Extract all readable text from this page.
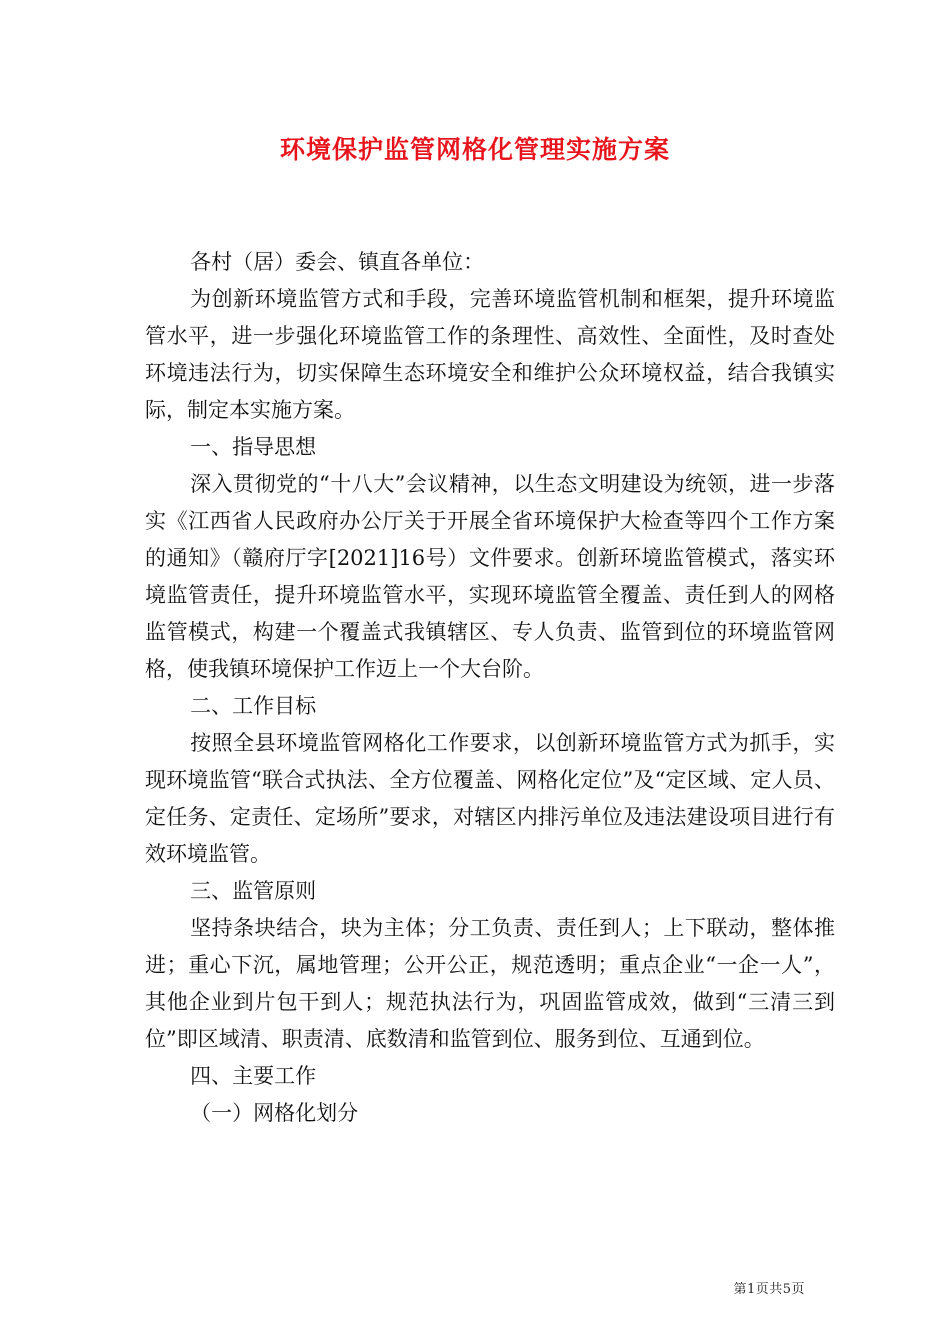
环境保护监管网格化管理实施方案

各村（居）委会、镇直各单位：

为创新环境监管方式和手段，完善环境监管机制和框架，提升环境监管水平，进一步强化环境监管工作的条理性、高效性、全面性，及时查处环境违法行为，切实保障生态环境安全和维护公众环境权益，结合我镇实际，制定本实施方案。

一、指导思想

深入贯彻党的“十八大”会议精神，以生态文明建设为统领，进一步落实《江西省人民政府办公厅关于开展全省环境保护大检查等四个工作方案的通知》（赣府厅字[2021]16号）文件要求。创新环境监管模式，落实环境监管责任，提升环境监管水平，实现环境监管全覆盖、责任到人的网格监管模式，构建一个覆盖式我镇辖区、专人负责、监管到位的环境监管网格，使我镇环境保护工作迈上一个大台阶。

二、工作目标

按照全县环境监管网格化工作要求，以创新环境监管方式为抓手，实现环境监管“联合式执法、全方位覆盖、网格化定位”及“定区域、定人员、定任务、定责任、定场所”要求，对辖区内排污单位及违法建设项目进行有效环境监管。

三、监管原则

坚持条块结合，块为主体；分工负责、责任到人；上下联动，整体推进；重心下沉，属地管理；公开公正，规范透明；重点企业“一企一人”，其他企业到片包干到人；规范执法行为，巩固监管成效，做到“三清三到位”即区域清、职责清、底数清和监管到位、服务到位、互通到位。

四、主要工作

（一）网格化划分

第1页共5页
